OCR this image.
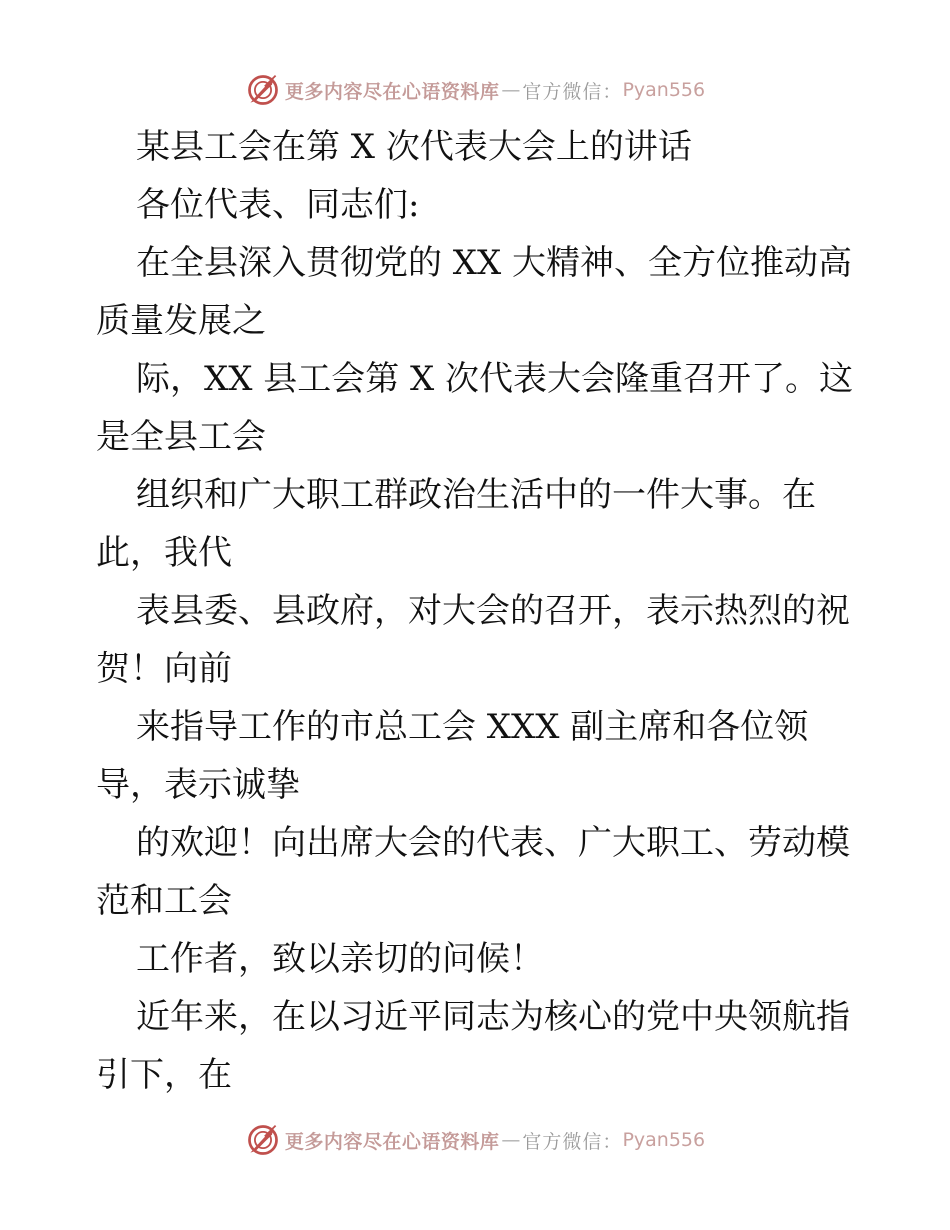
更多内容尽在心语资料库 — 官方微信： Pyan556
某县工会在第 X 次代表大会上的讲话
各位代表、同志们:
在全县深入贯彻党的 XX 大精神、全方位推动高
质量发展之
际，XX 县工会第 X 次代表大会隆重召开了。这
是全县工会
组织和广大职工群政治生活中的一件大事。在
此，我代
表县委、县政府，对大会的召开，表示热烈的祝
贺！向前
来指导工作的市总工会 XXX 副主席和各位领
导，表示诚挚
的欢迎！向出席大会的代表、广大职工、劳动模
范和工会
工作者，致以亲切的问候！
近年来，在以习近平同志为核心的党中央领航指
引下，在
更多内容尽在心语资料库 — 官方微信： Pyan556
